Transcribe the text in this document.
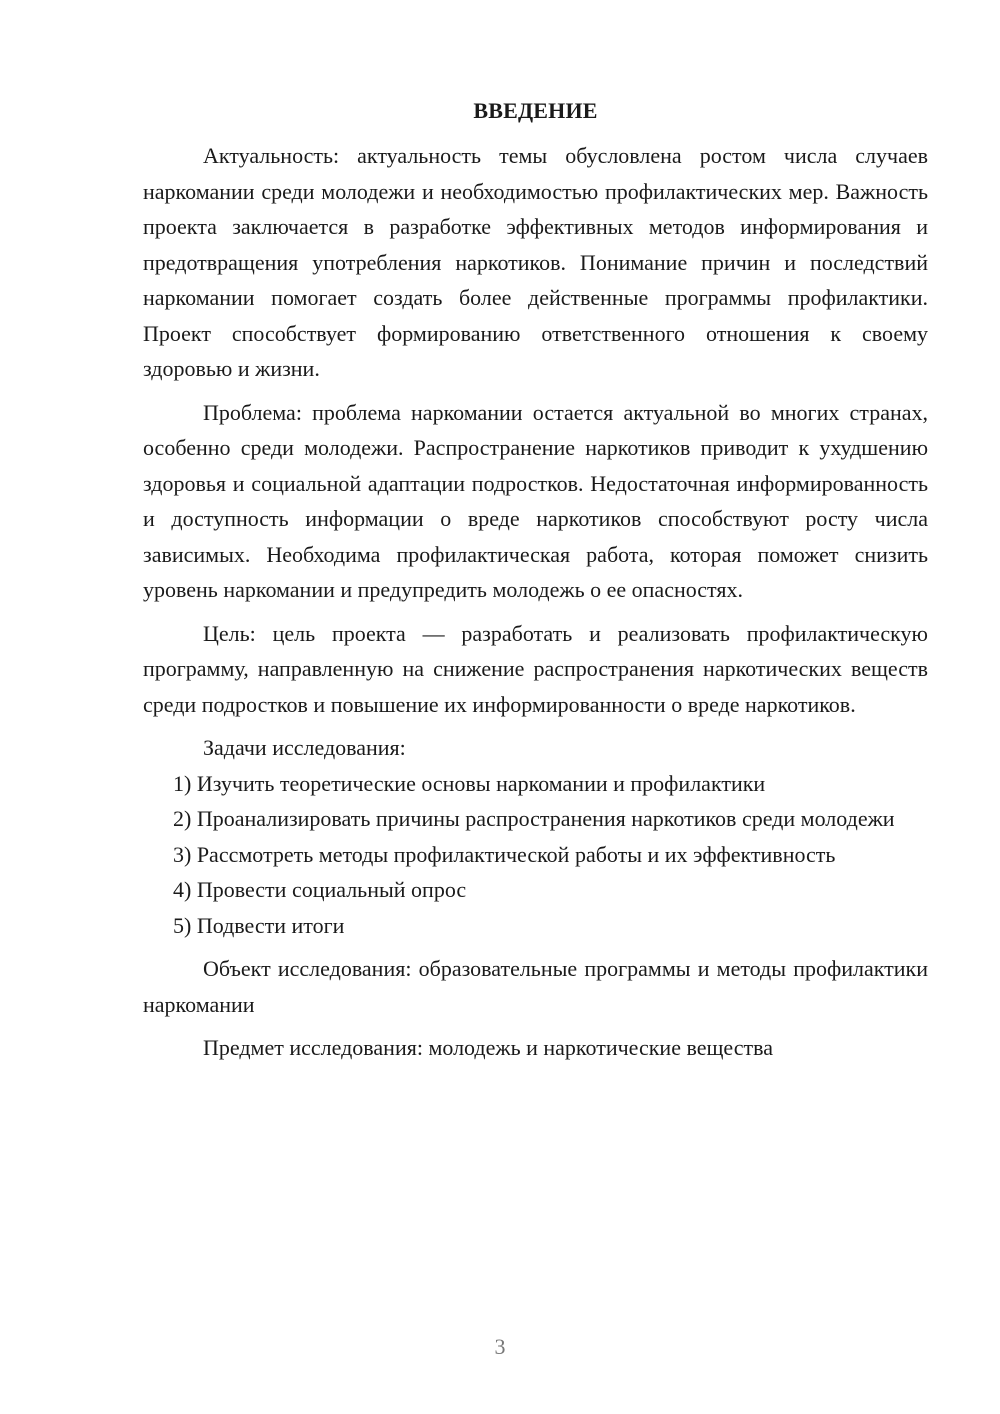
ВВЕДЕНИЕ

Актуальность: актуальность темы обусловлена ростом числа случаев наркомании среди молодежи и необходимостью профилактических мер. Важность проекта заключается в разработке эффективных методов информирования и предотвращения употребления наркотиков. Понимание причин и последствий наркомании помогает создать более действенные программы профилактики. Проект способствует формированию ответственного отношения к своему здоровью и жизни.

Проблема: проблема наркомании остается актуальной во многих странах, особенно среди молодежи. Распространение наркотиков приводит к ухудшению здоровья и социальной адаптации подростков. Недостаточная информированность и доступность информации о вреде наркотиков способствуют росту числа зависимых. Необходима профилактическая работа, которая поможет снизить уровень наркомании и предупредить молодежь о ее опасностях.

Цель: цель проекта — разработать и реализовать профилактическую программу, направленную на снижение распространения наркотических веществ среди подростков и повышение их информированности о вреде наркотиков.

Задачи исследования:

1) Изучить теоретические основы наркомании и профилактики

2) Проанализировать причины распространения наркотиков среди молодежи

3) Рассмотреть методы профилактической работы и их эффективность

4) Провести социальный опрос

5) Подвести итоги

Объект исследования: образовательные программы и методы профилактики наркомании

Предмет исследования: молодежь и наркотические вещества

3
